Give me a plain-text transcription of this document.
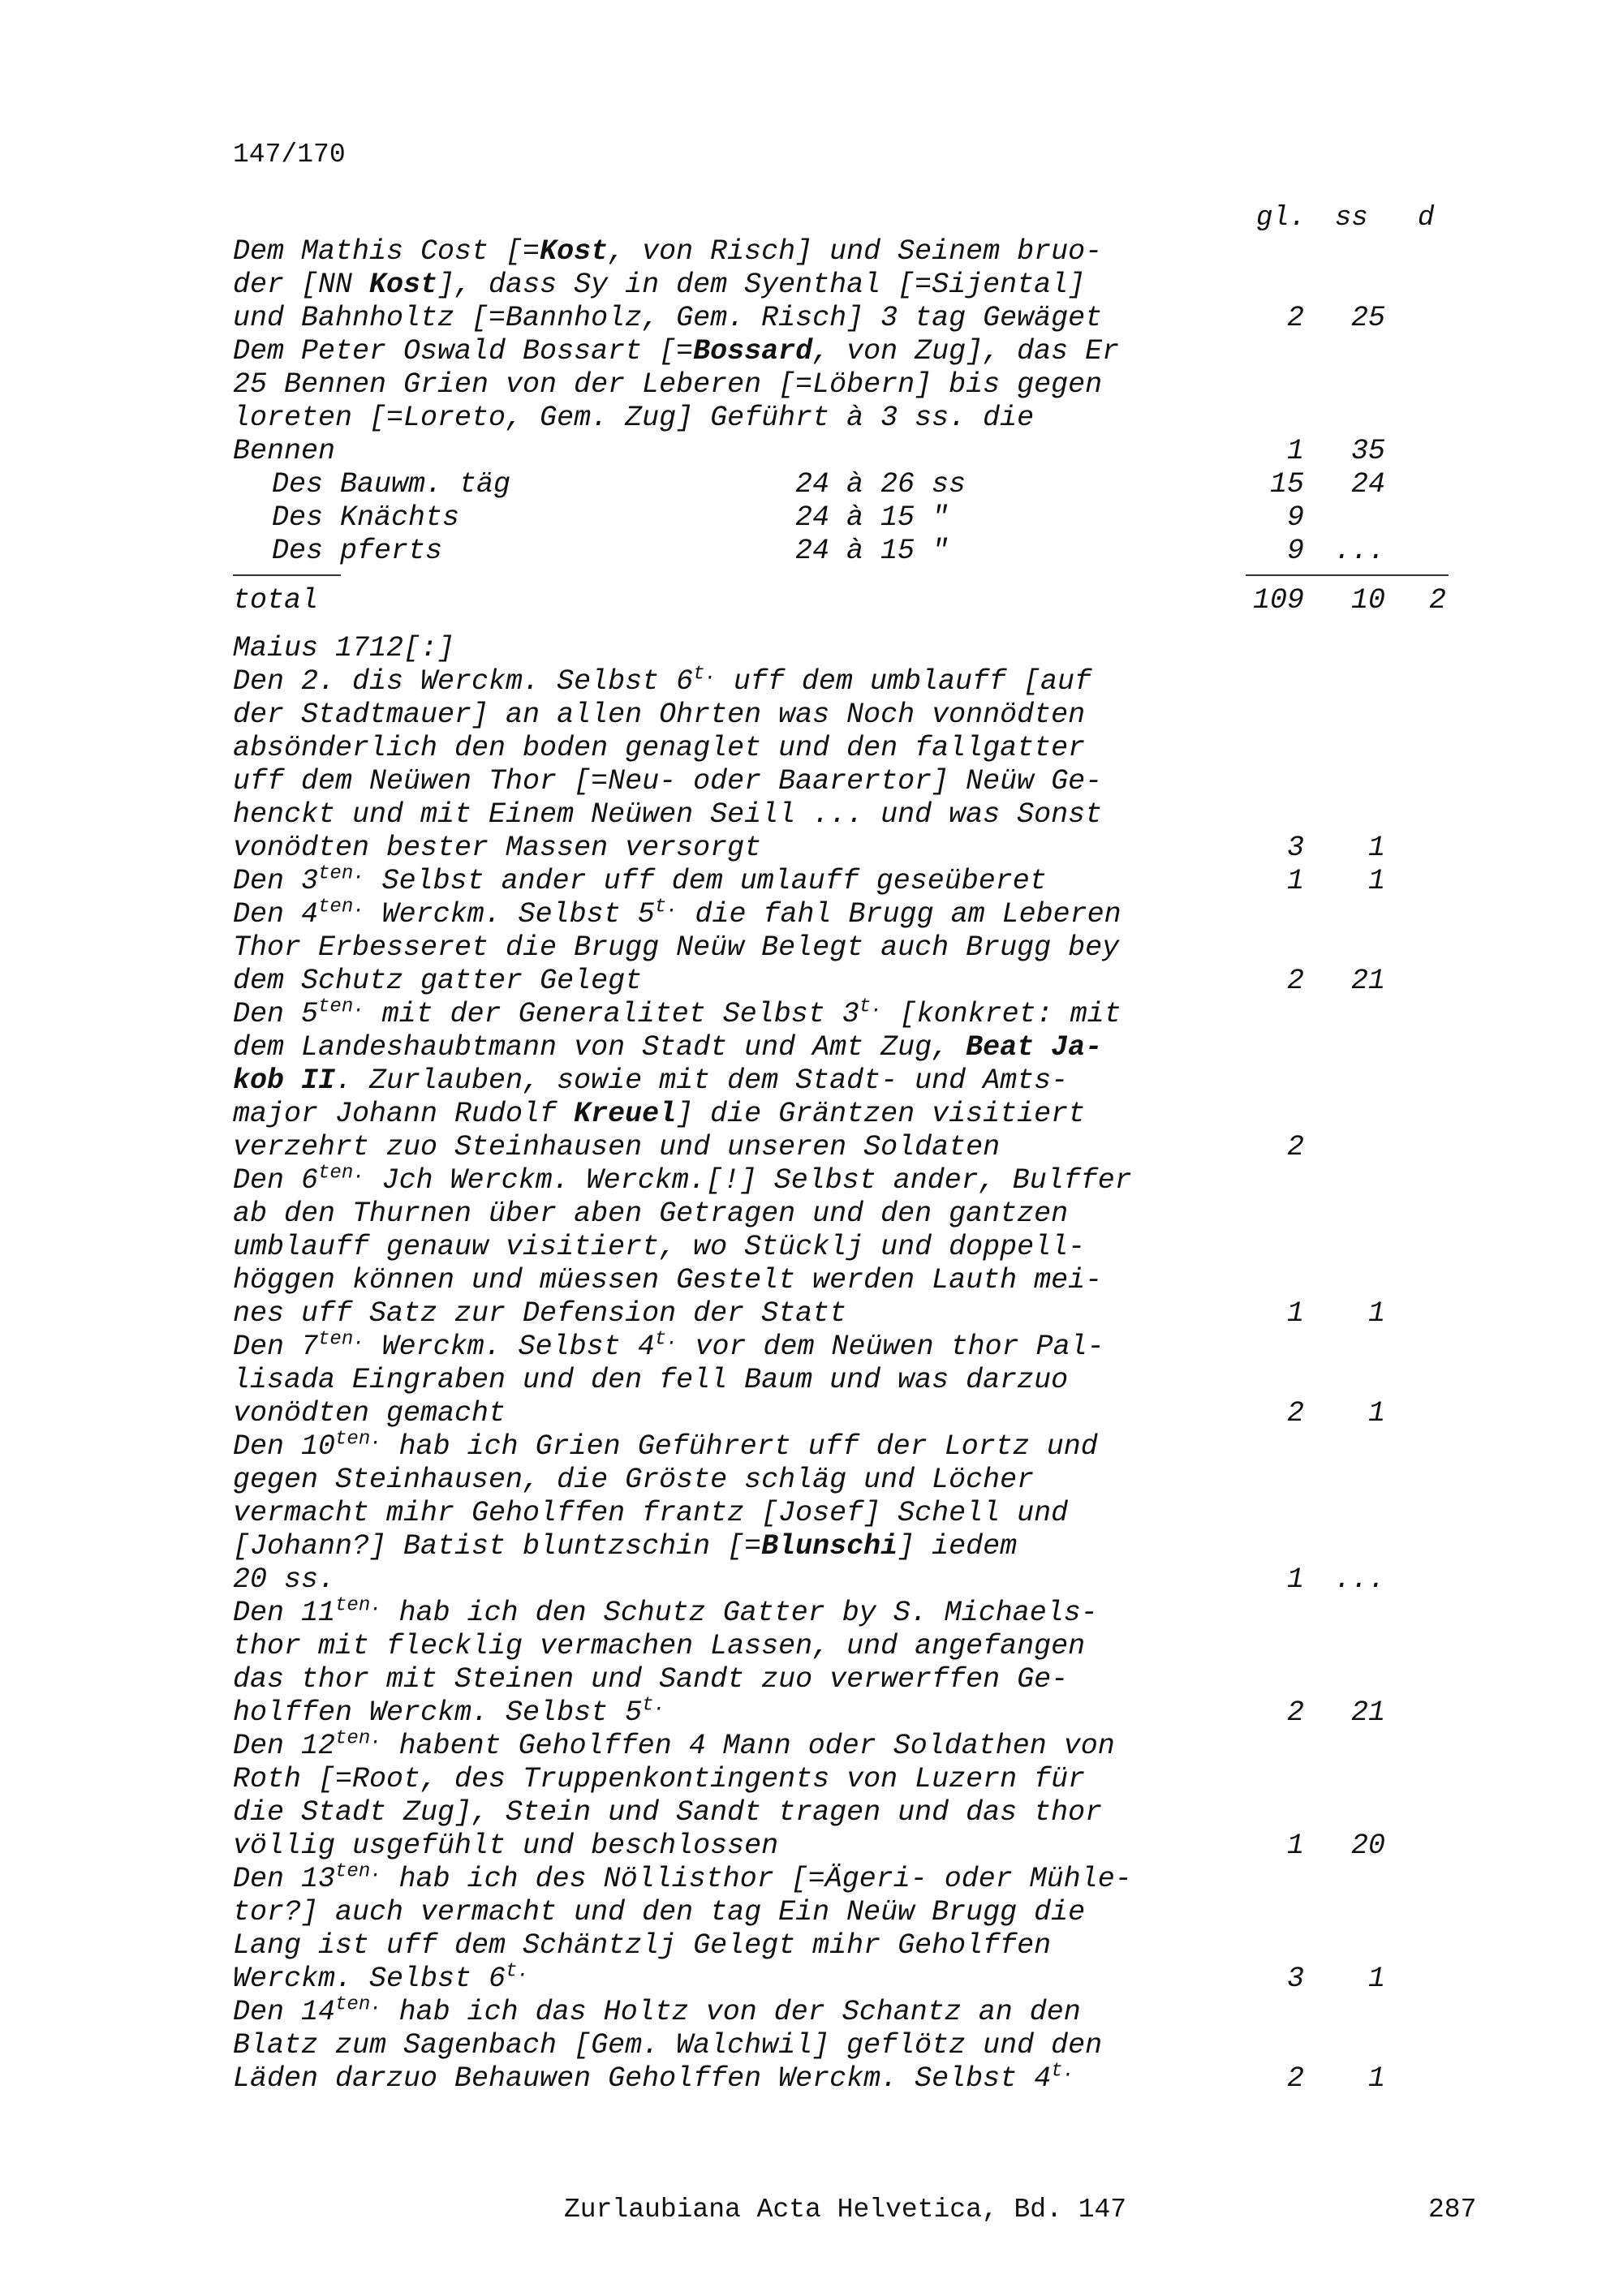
147/170
gl. ss d
Dem Mathis Cost [=Kost, von Risch] und Seinem bruo-
der [NN Kost], dass Sy in dem Syenthal [=Sijental]
und Bahnholtz [=Bannholz, Gem. Risch] 3 tag Gewäget	2	25
Dem Peter Oswald Bossart [=Bossard, von Zug], das Er
25 Bennen Grien von der Leberen [=Löbern] bis gegen
loreten [=Loreto, Gem. Zug] Geführt à 3 ss. die
Bennen	1	35
Des Bauwm. täg	24 à 26 ss	15	24
Des Knächts	24 à 15 "	9
Des pferts	24 à 15 "	9	...
total	109	10	2
Maius 1712[:]
Den 2. dis Werckm. Selbst $6^{t.}$ uff dem umblauff [auf
der Stadtmauer] an allen Ohrten was Noch vonnödten
absönderlich den boden genaglet und den fallgatter
uff dem Neüwen Thor [=Neu- oder Baarertor] Neüw Ge-
henckt und mit Einem Neüwen Seill ... und was Sonst
vonödten bester Massen versorgt	3	1
Den $3^{ten.}$ Selbst ander uff dem umlauff geseüberet	1	1
Den $4^{ten.}$ Werckm. Selbst $5^{t.}$ die fahl Brugg am Leberen
Thor Erbesseret die Brugg Neüw Belegt auch Brugg bey
dem Schutz gatter Gelegt	2	21
Den $5^{ten.}$ mit der Generalitet Selbst $3^{t.}$ [konkret: mit
dem Landeshaubtmann von Stadt und Amt Zug, Beat Ja-
kob II. Zurlauben, sowie mit dem Stadt- und Amts-
major Johann Rudolf Kreuel] die Gräntzen visitiert
verzehrt zuo Steinhausen und unseren Soldaten	2
Den $6^{ten.}$ Jch Werckm. Werckm.[!] Selbst ander, Bulffer
ab den Thurnen über aben Getragen und den gantzen
umblauff genauw visitiert, wo Stücklj und doppell-
höggen können und müessen Gestelt werden Lauth mei-
nes uff Satz zur Defension der Statt	1	1
Den $7^{ten.}$ Werckm. Selbst $4^{t.}$ vor dem Neüwen thor Pal-
lisada Eingraben und den fell Baum und was darzuo
vonödten gemacht	2	1
Den $10^{ten.}$ hab ich Grien Geführert uff der Lortz und
gegen Steinhausen, die Gröste schläg und Löcher
vermacht mihr Geholffen frantz [Josef] Schell und
[Johann?] Batist bluntzschin [=Blunschi] iedem
20 ss.	1	...
Den $11^{ten.}$ hab ich den Schutz Gatter by S. Michaels-
thor mit flecklig vermachen Lassen, und angefangen
das thor mit Steinen und Sandt zuo verwerffen Ge-
holffen Werckm. Selbst $5^{t.}$	2	21
Den $12^{ten.}$ habent Geholffen 4 Mann oder Soldathen von
Roth [=Root, des Truppenkontingents von Luzern für
die Stadt Zug], Stein und Sandt tragen und das thor
völlig usgefühlt und beschlossen	1	20
Den $13^{ten.}$ hab ich des Nöllisthor [=Ägeri- oder Mühle-
tor?] auch vermacht und den tag Ein Neüw Brugg die
Lang ist uff dem Schäntzlj Gelegt mihr Geholffen
Werckm. Selbst $6^{t.}$	3	1
Den $14^{ten.}$ hab ich das Holtz von der Schantz an den
Blatz zum Sagenbach [Gem. Walchwil] geflötz und den
Läden darzuo Behauwen Geholffen Werckm. Selbst $4^{t.}$	2	1
Zurlaubiana Acta Helvetica, Bd. 147	287
